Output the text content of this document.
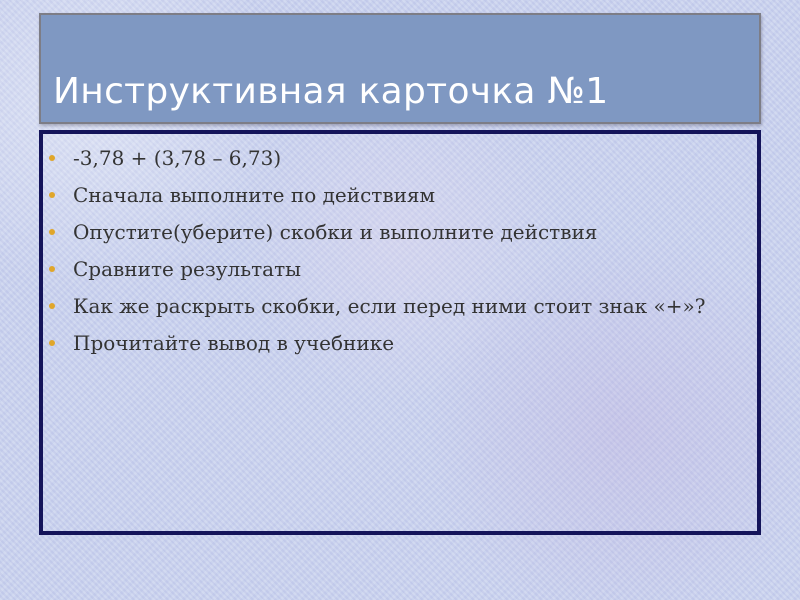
Инструктивная карточка №1
-3,78 + (3,78 – 6,73)
Сначала выполните по действиям
Опустите(уберите) скобки и выполните действия
Сравните результаты
Как же раскрыть скобки, если перед ними стоит знак «+»?
Прочитайте вывод в учебнике
